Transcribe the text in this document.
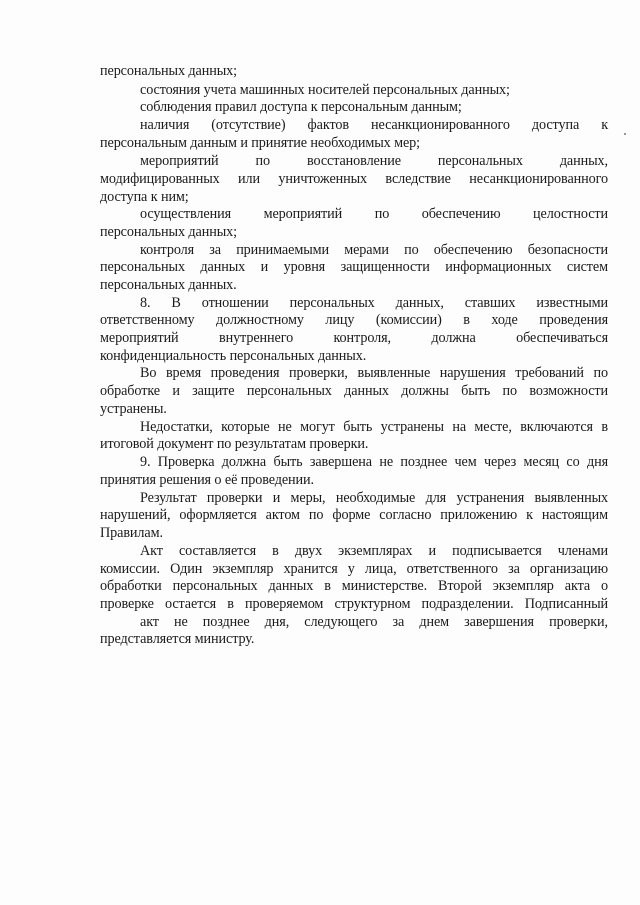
персональных данных;
состояния учета машинных носителей персональных данных;
соблюдения правил доступа к персональным данным;
наличия (отсутствие) фактов несанкционированного доступа к
персональным данным и принятие необходимых мер;
мероприятий по восстановление персональных данных,
модифицированных или уничтоженных вследствие несанкционированного
доступа к ним;
осуществления мероприятий по обеспечению целостности
персональных данных;
контроля за принимаемыми мерами по обеспечению безопасности
персональных данных и уровня защищенности информационных систем
персональных данных.
8. В отношении персональных данных, ставших известными
ответственному должностному лицу (комиссии) в ходе проведения
мероприятий внутреннего контроля, должна обеспечиваться
конфиденциальность персональных данных.
Во время проведения проверки, выявленные нарушения требований по
обработке и защите персональных данных должны быть по возможности
устранены.
Недостатки, которые не могут быть устранены на месте, включаются в
итоговой документ по результатам проверки.
9. Проверка должна быть завершена не позднее чем через месяц со дня
принятия решения о её проведении.
Результат проверки и меры, необходимые для устранения выявленных
нарушений, оформляется актом по форме согласно приложению к настоящим
Правилам.
Акт составляется в двух экземплярах и подписывается членами
комиссии. Один экземпляр хранится у лица, ответственного за организацию
обработки персональных данных в министерстве. Второй экземпляр акта о
проверке остается в проверяемом структурном подразделении. Подписанный
акт не позднее дня, следующего за днем завершения проверки,
представляется министру.
